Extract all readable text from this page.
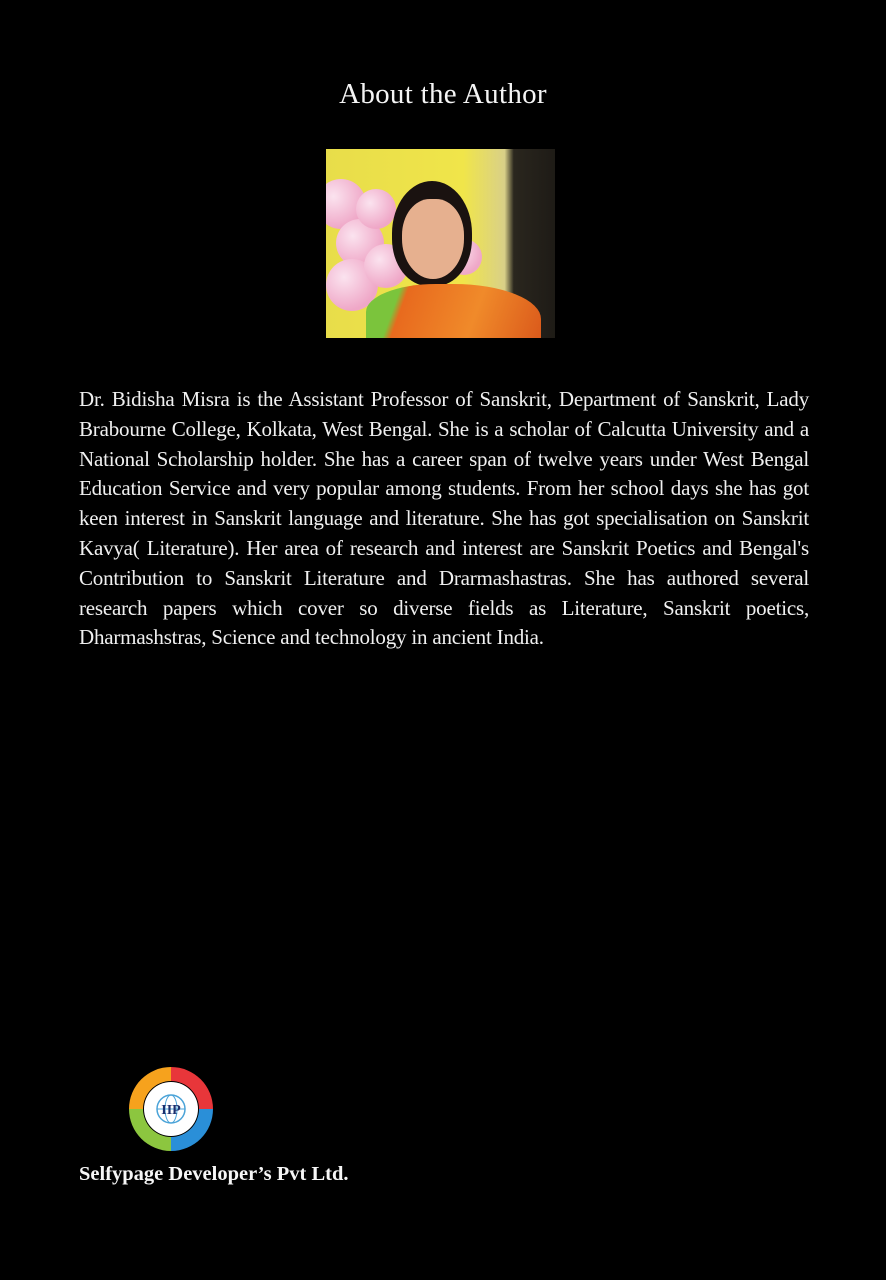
About the Author
Dr. Bidisha Misra is the Assistant Professor of Sanskrit, Department of Sanskrit, Lady Brabourne College, Kolkata, West Bengal. She is a scholar of Calcutta University and a National Scholarship holder. She has a career span of twelve years under West Bengal Education Service and very popular among students. From her school days she has got keen interest in Sanskrit language and literature. She has got specialisation on Sanskrit Kavya( Literature). Her area of research and interest are Sanskrit Poetics and Bengal's Contribution to Sanskrit Literature and Drarmashastras. She has authored several research papers which cover so diverse fields as Literature, Sanskrit poetics, Dharmashstras, Science and technology in ancient India.
IIP
Selfypage Developer’s Pvt Ltd.
